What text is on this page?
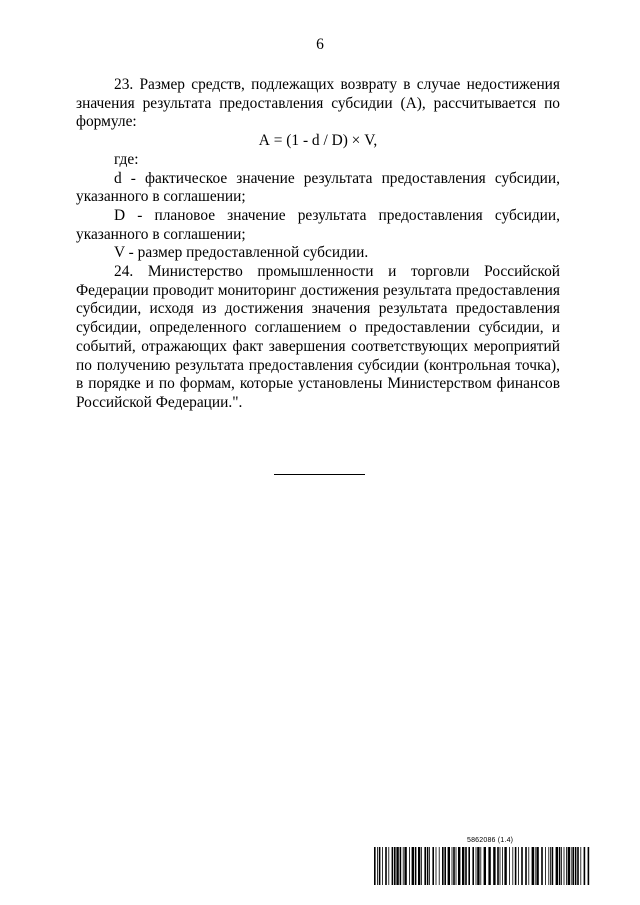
6

23. Размер средств, подлежащих возврату в случае недостижения значения результата предоставления субсидии (А), рассчитывается по формуле:

А = (1 - d / D) × V,

где:

d - фактическое значение результата предоставления субсидии, указанного в соглашении;

D - плановое значение результата предоставления субсидии, указанного в соглашении;

V - размер предоставленной субсидии.

24. Министерство промышленности и торговли Российской Федерации проводит мониторинг достижения результата предоставления субсидии, исходя из достижения значения результата предоставления субсидии, определенного соглашением о предоставлении субсидии, и событий, отражающих факт завершения соответствующих мероприятий по получению результата предоставления субсидии (контрольная точка), в порядке и по формам, которые установлены Министерством финансов Российской Федерации.".

5862086 (1.4)
